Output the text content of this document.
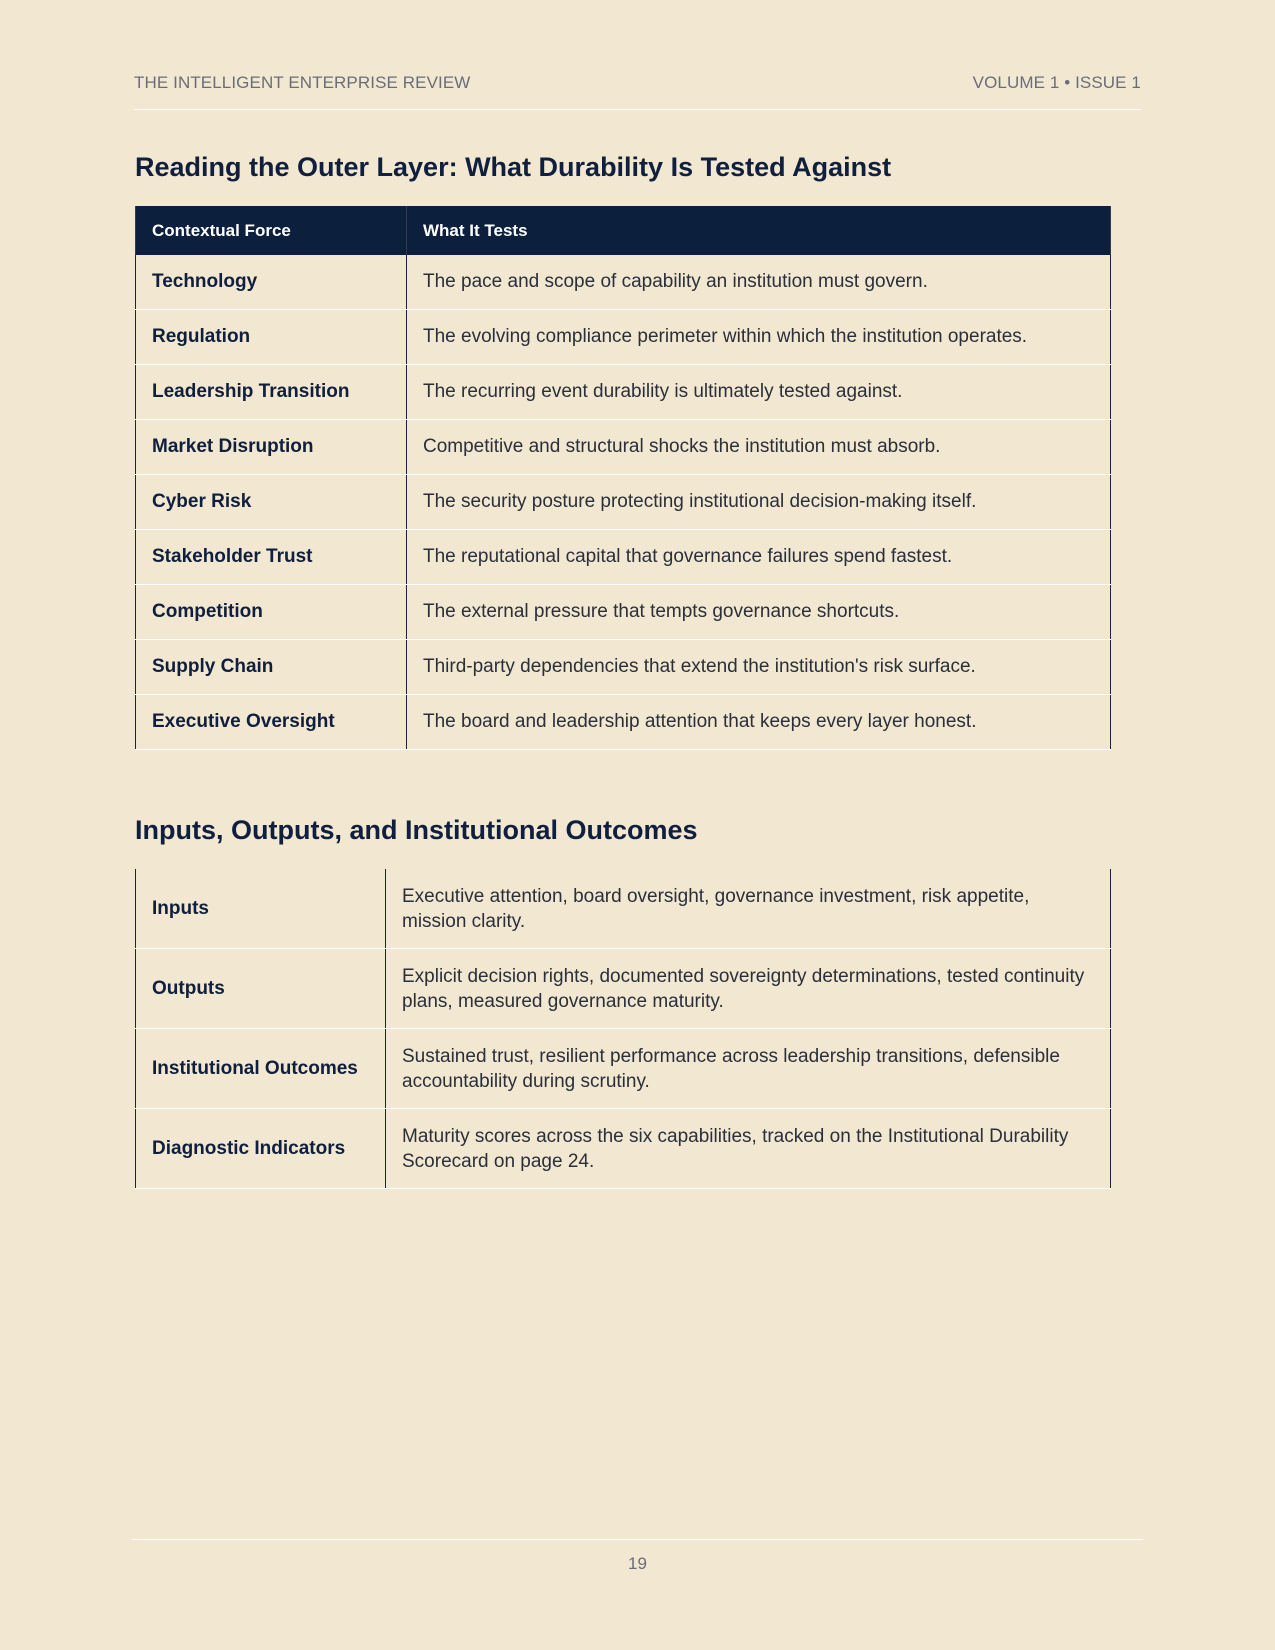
THE INTELLIGENT ENTERPRISE REVIEW	VOLUME 1 • ISSUE 1
Reading the Outer Layer: What Durability Is Tested Against
Contextual Force	What It Tests
Technology	The pace and scope of capability an institution must govern.
Regulation	The evolving compliance perimeter within which the institution operates.
Leadership Transition	The recurring event durability is ultimately tested against.
Market Disruption	Competitive and structural shocks the institution must absorb.
Cyber Risk	The security posture protecting institutional decision-making itself.
Stakeholder Trust	The reputational capital that governance failures spend fastest.
Competition	The external pressure that tempts governance shortcuts.
Supply Chain	Third-party dependencies that extend the institution's risk surface.
Executive Oversight	The board and leadership attention that keeps every layer honest.
Inputs, Outputs, and Institutional Outcomes
Inputs	Executive attention, board oversight, governance investment, risk appetite, mission clarity.
Outputs	Explicit decision rights, documented sovereignty determinations, tested continuity plans, measured governance maturity.
Institutional Outcomes	Sustained trust, resilient performance across leadership transitions, defensible accountability during scrutiny.
Diagnostic Indicators	Maturity scores across the six capabilities, tracked on the Institutional Durability Scorecard on page 24.
19
